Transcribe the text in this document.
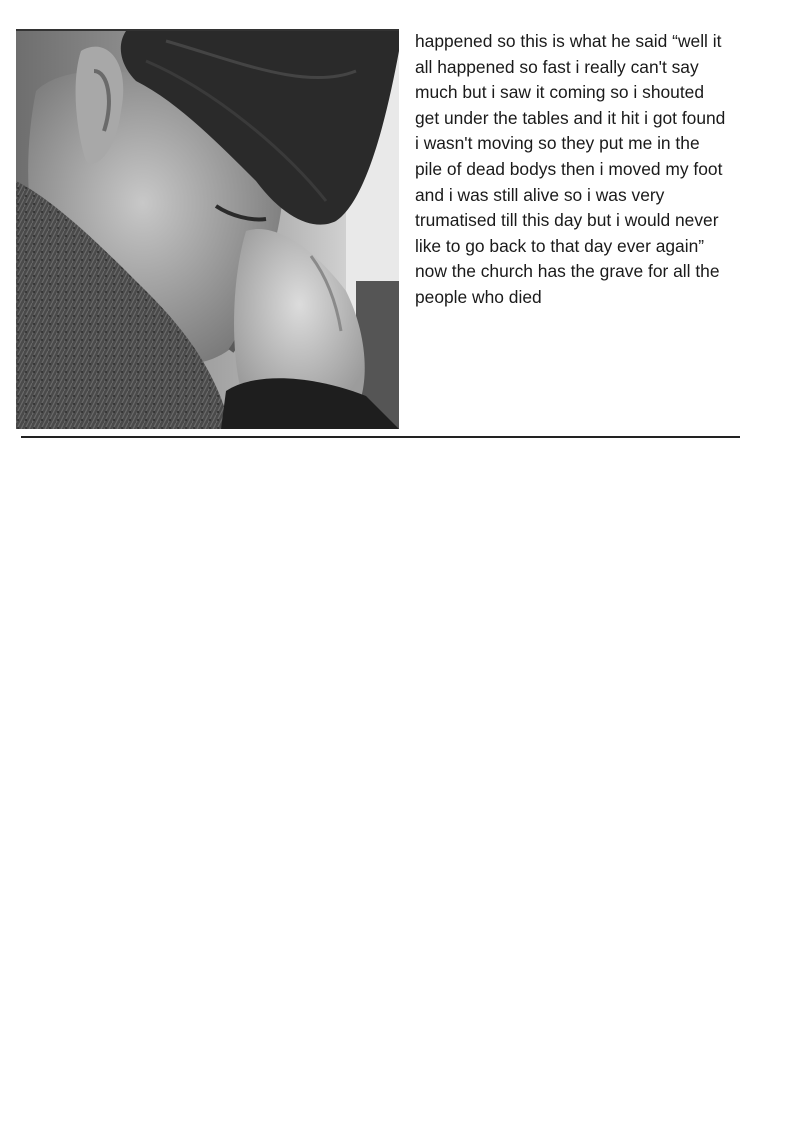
happened so this is what he said “well it
all happened so fast i really can't say
much but i saw it coming so i shouted
get under the tables and it hit i got found
i wasn't moving so they put me in the
pile of dead bodys then i moved my foot
and i was still alive so i was very
trumatised till this day but i would never
like to go back to that day ever again”
now the church has the grave for all the
people who died
